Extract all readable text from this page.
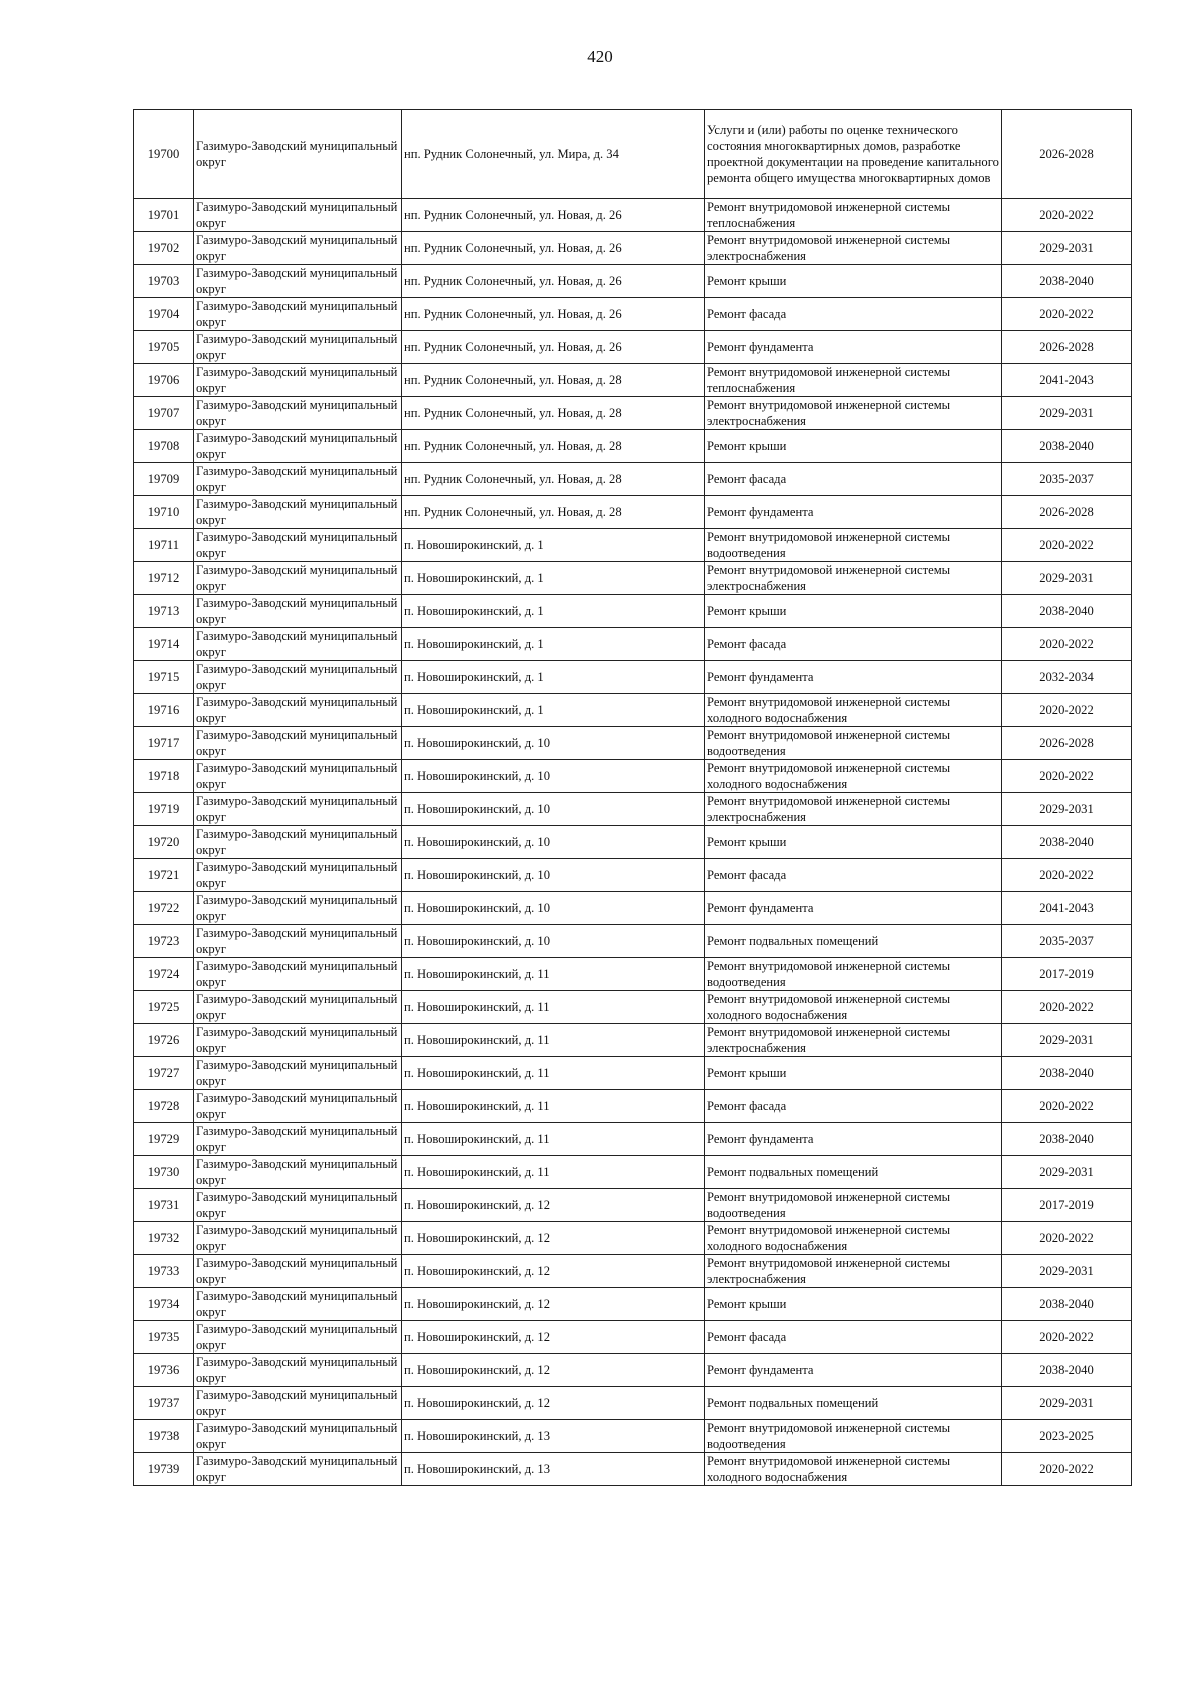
420
19700	Газимуро-Заводский муниципальный округ	нп. Рудник Солонечный, ул. Мира, д. 34	Услуги и (или) работы по оценке технического состояния многоквартирных домов, разработке проектной документации на проведение капитального ремонта общего имущества многоквартирных домов	2026-2028
19701	Газимуро-Заводский муниципальный округ	нп. Рудник Солонечный, ул. Новая, д. 26	Ремонт внутридомовой инженерной системы теплоснабжения	2020-2022
19702	Газимуро-Заводский муниципальный округ	нп. Рудник Солонечный, ул. Новая, д. 26	Ремонт внутридомовой инженерной системы электроснабжения	2029-2031
19703	Газимуро-Заводский муниципальный округ	нп. Рудник Солонечный, ул. Новая, д. 26	Ремонт крыши	2038-2040
19704	Газимуро-Заводский муниципальный округ	нп. Рудник Солонечный, ул. Новая, д. 26	Ремонт фасада	2020-2022
19705	Газимуро-Заводский муниципальный округ	нп. Рудник Солонечный, ул. Новая, д. 26	Ремонт фундамента	2026-2028
19706	Газимуро-Заводский муниципальный округ	нп. Рудник Солонечный, ул. Новая, д. 28	Ремонт внутридомовой инженерной системы теплоснабжения	2041-2043
19707	Газимуро-Заводский муниципальный округ	нп. Рудник Солонечный, ул. Новая, д. 28	Ремонт внутридомовой инженерной системы электроснабжения	2029-2031
19708	Газимуро-Заводский муниципальный округ	нп. Рудник Солонечный, ул. Новая, д. 28	Ремонт крыши	2038-2040
19709	Газимуро-Заводский муниципальный округ	нп. Рудник Солонечный, ул. Новая, д. 28	Ремонт фасада	2035-2037
19710	Газимуро-Заводский муниципальный округ	нп. Рудник Солонечный, ул. Новая, д. 28	Ремонт фундамента	2026-2028
19711	Газимуро-Заводский муниципальный округ	п. Новоширокинский, д. 1	Ремонт внутридомовой инженерной системы водоотведения	2020-2022
19712	Газимуро-Заводский муниципальный округ	п. Новоширокинский, д. 1	Ремонт внутридомовой инженерной системы электроснабжения	2029-2031
19713	Газимуро-Заводский муниципальный округ	п. Новоширокинский, д. 1	Ремонт крыши	2038-2040
19714	Газимуро-Заводский муниципальный округ	п. Новоширокинский, д. 1	Ремонт фасада	2020-2022
19715	Газимуро-Заводский муниципальный округ	п. Новоширокинский, д. 1	Ремонт фундамента	2032-2034
19716	Газимуро-Заводский муниципальный округ	п. Новоширокинский, д. 1	Ремонт внутридомовой инженерной системы холодного водоснабжения	2020-2022
19717	Газимуро-Заводский муниципальный округ	п. Новоширокинский, д. 10	Ремонт внутридомовой инженерной системы водоотведения	2026-2028
19718	Газимуро-Заводский муниципальный округ	п. Новоширокинский, д. 10	Ремонт внутридомовой инженерной системы холодного водоснабжения	2020-2022
19719	Газимуро-Заводский муниципальный округ	п. Новоширокинский, д. 10	Ремонт внутридомовой инженерной системы электроснабжения	2029-2031
19720	Газимуро-Заводский муниципальный округ	п. Новоширокинский, д. 10	Ремонт крыши	2038-2040
19721	Газимуро-Заводский муниципальный округ	п. Новоширокинский, д. 10	Ремонт фасада	2020-2022
19722	Газимуро-Заводский муниципальный округ	п. Новоширокинский, д. 10	Ремонт фундамента	2041-2043
19723	Газимуро-Заводский муниципальный округ	п. Новоширокинский, д. 10	Ремонт подвальных помещений	2035-2037
19724	Газимуро-Заводский муниципальный округ	п. Новоширокинский, д. 11	Ремонт внутридомовой инженерной системы водоотведения	2017-2019
19725	Газимуро-Заводский муниципальный округ	п. Новоширокинский, д. 11	Ремонт внутридомовой инженерной системы холодного водоснабжения	2020-2022
19726	Газимуро-Заводский муниципальный округ	п. Новоширокинский, д. 11	Ремонт внутридомовой инженерной системы электроснабжения	2029-2031
19727	Газимуро-Заводский муниципальный округ	п. Новоширокинский, д. 11	Ремонт крыши	2038-2040
19728	Газимуро-Заводский муниципальный округ	п. Новоширокинский, д. 11	Ремонт фасада	2020-2022
19729	Газимуро-Заводский муниципальный округ	п. Новоширокинский, д. 11	Ремонт фундамента	2038-2040
19730	Газимуро-Заводский муниципальный округ	п. Новоширокинский, д. 11	Ремонт подвальных помещений	2029-2031
19731	Газимуро-Заводский муниципальный округ	п. Новоширокинский, д. 12	Ремонт внутридомовой инженерной системы водоотведения	2017-2019
19732	Газимуро-Заводский муниципальный округ	п. Новоширокинский, д. 12	Ремонт внутридомовой инженерной системы холодного водоснабжения	2020-2022
19733	Газимуро-Заводский муниципальный округ	п. Новоширокинский, д. 12	Ремонт внутридомовой инженерной системы электроснабжения	2029-2031
19734	Газимуро-Заводский муниципальный округ	п. Новоширокинский, д. 12	Ремонт крыши	2038-2040
19735	Газимуро-Заводский муниципальный округ	п. Новоширокинский, д. 12	Ремонт фасада	2020-2022
19736	Газимуро-Заводский муниципальный округ	п. Новоширокинский, д. 12	Ремонт фундамента	2038-2040
19737	Газимуро-Заводский муниципальный округ	п. Новоширокинский, д. 12	Ремонт подвальных помещений	2029-2031
19738	Газимуро-Заводский муниципальный округ	п. Новоширокинский, д. 13	Ремонт внутридомовой инженерной системы водоотведения	2023-2025
19739	Газимуро-Заводский муниципальный округ	п. Новоширокинский, д. 13	Ремонт внутридомовой инженерной системы холодного водоснабжения	2020-2022
